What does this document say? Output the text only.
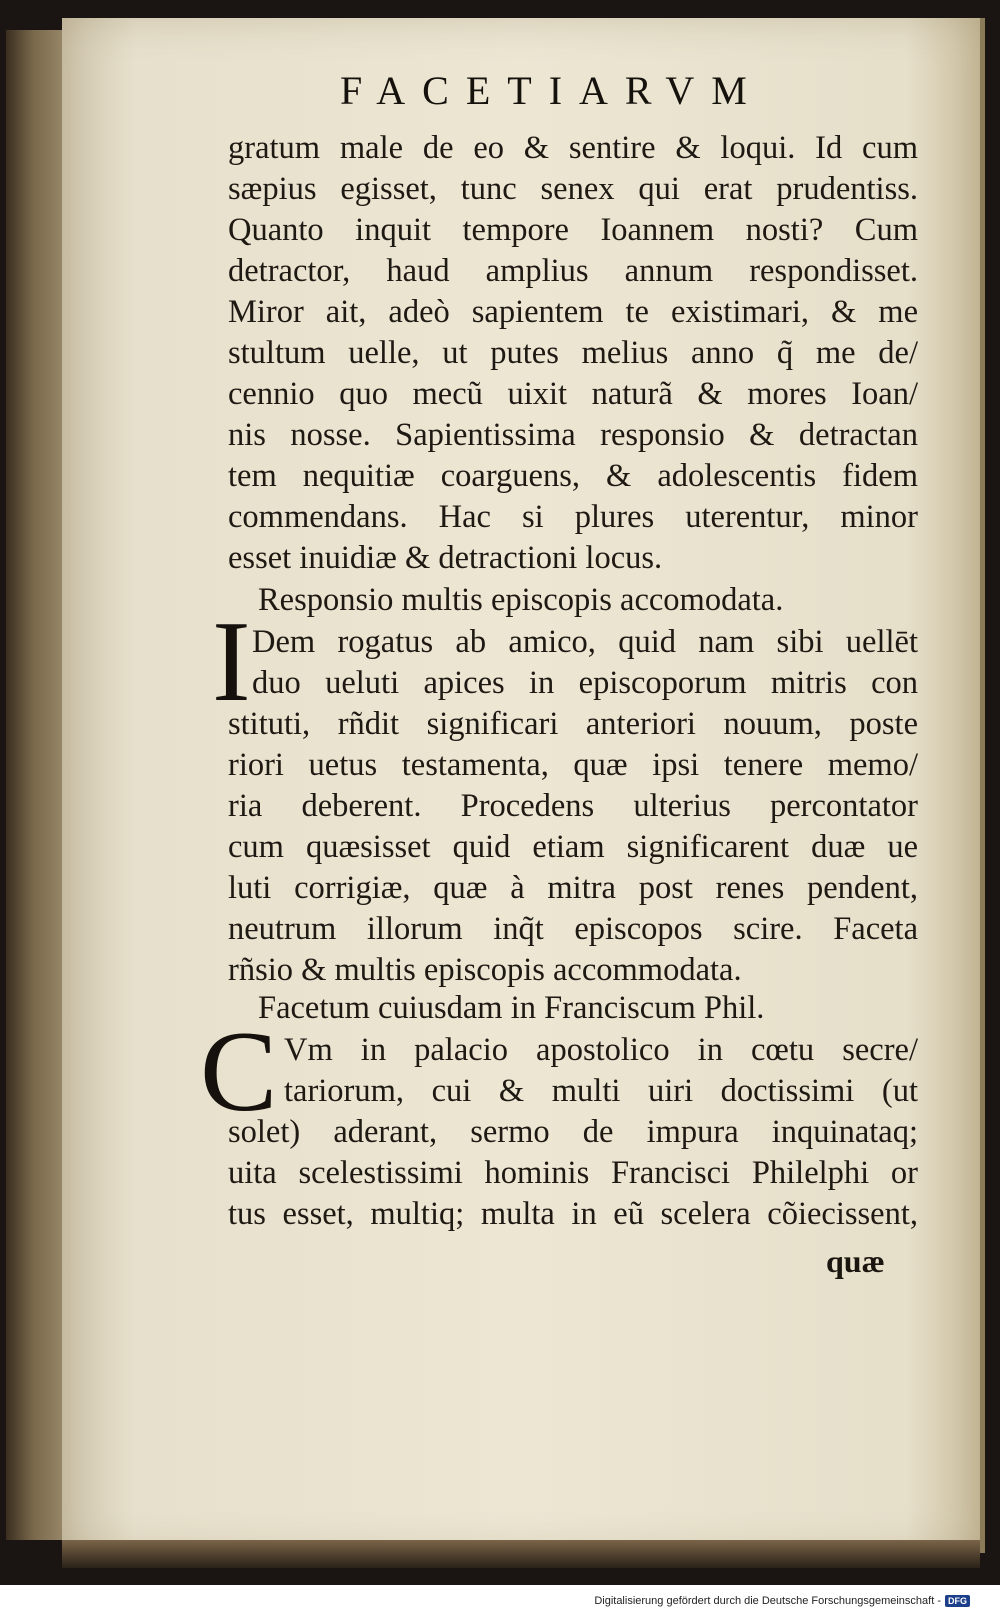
FACETIARVM
gratum male de eo & sentire & loqui. Id cum
sæpius egisset, tunc senex qui erat prudentiss.
Quanto inquit tempore Ioannem nosti? Cum
detractor, haud amplius annum respondisset.
Miror ait, adeò sapientem te existimari, & me
stultum uelle, ut putes melius anno q̃ me de/
cennio quo mecũ uixit naturã & mores Ioan/
nis nosse. Sapientissima responsio & detractan
tem nequitiæ coarguens, & adolescentis fidem
commendans. Hac si plures uterentur, minor
esset inuidiæ & detractioni locus.
Responsio multis episcopis accomodata.
I Dem rogatus ab amico, quid nam sibi uellēt
duo ueluti apices in episcoporum mitris con
stituti, rñdit significari anteriori nouum, poste
riori uetus testamenta, quæ ipsi tenere memo/
ria deberent. Procedens ulterius percontator
cum quæsisset quid etiam significarent duæ ue
luti corrigiæ, quæ à mitra post renes pendent,
neutrum illorum inq̃t episcopos scire. Faceta
rñsio & multis episcopis accommodata.
Facetum cuiusdam in Franciscum Phil.
C Vm in palacio apostolico in cœtu secre/
tariorum, cui & multi uiri doctissimi (ut
solet) aderant, sermo de impura inquinataq;
uita scelestissimi hominis Francisci Philelphi or
tus esset, multiq; multa in eũ scelera cõiecissent,
quæ
Digitalisierung gefördert durch die Deutsche Forschungsgemeinschaft - DFG
